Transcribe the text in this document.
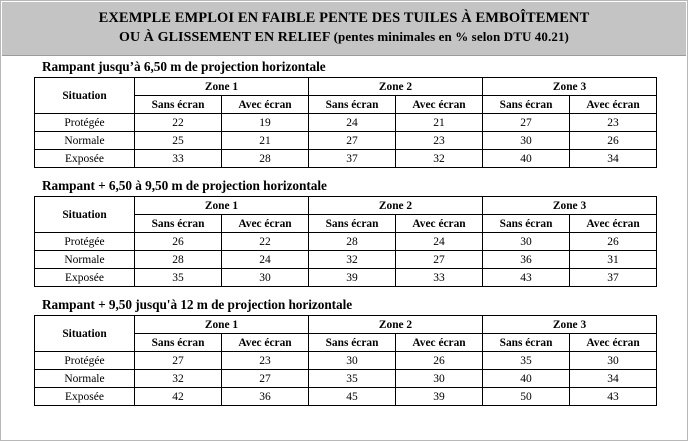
EXEMPLE EMPLOI EN FAIBLE PENTE DES TUILES À EMBOÎTEMENT
OU À GLISSEMENT EN RELIEF (pentes minimales en % selon DTU 40.21)
Rampant jusqu’à 6,50 m de projection horizontale
Situation	Zone 1		Zone 2		Zone 3	
	Sans écran	Avec écran	Sans écran	Avec écran	Sans écran	Avec écran
Protégée	22	19	24	21	27	23
Normale	25	21	27	23	30	26
Exposée	33	28	37	32	40	34
Rampant + 6,50 à 9,50 m de projection horizontale
Situation	Zone 1		Zone 2		Zone 3	
	Sans écran	Avec écran	Sans écran	Avec écran	Sans écran	Avec écran
Protégée	26	22	28	24	30	26
Normale	28	24	32	27	36	31
Exposée	35	30	39	33	43	37
Rampant + 9,50 jusqu'à 12 m de projection horizontale
Situation	Zone 1		Zone 2		Zone 3	
	Sans écran	Avec écran	Sans écran	Avec écran	Sans écran	Avec écran
Protégée	27	23	30	26	35	30
Normale	32	27	35	30	40	34
Exposée	42	36	45	39	50	43
